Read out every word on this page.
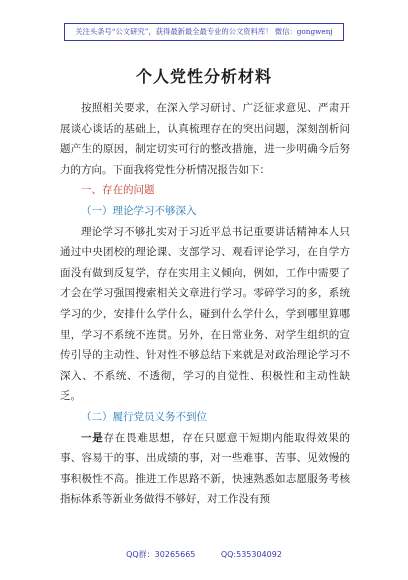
关注头条号“公文研究”，获得最新最全最专业的公文资料库！ 微信：gongwenj
个人党性分析材料

按照相关要求，在深入学习研讨、广泛征求意见、严肃开展谈心谈话的基础上，认真梳理存在的突出问题，深刻剖析问题产生的原因，制定切实可行的整改措施，进一步明确今后努力的方向。下面我将党性分析情况报告如下：

一、存在的问题

（一）理论学习不够深入

理论学习不够扎实对于习近平总书记重要讲话精神本人只通过中央团校的理论课、支部学习、观看评论学习，在自学方面没有做到反复学，存在实用主义倾向，例如，工作中需要了才会在学习强国搜索相关文章进行学习。零碎学习的多，系统学习的少，安排什么学什么，碰到什么学什么，学到哪里算哪里，学习不系统不连贯。另外，在日常业务、对学生组织的宣传引导的主动性、针对性不够总结下来就是对政治理论学习不深入、不系统、不透彻，学习的自觉性、积极性和主动性缺乏。

（二）履行党员义务不到位

一是存在畏难思想，存在只愿意干短期内能取得效果的事、容易干的事、出成绩的事，对一些难事、苦事、见效慢的事积极性不高。推进工作思路不新，快速熟悉如志愿服务考核指标体系等新业务做得不够好，对工作没有预

QQ群：30265665          QQ:535304092
